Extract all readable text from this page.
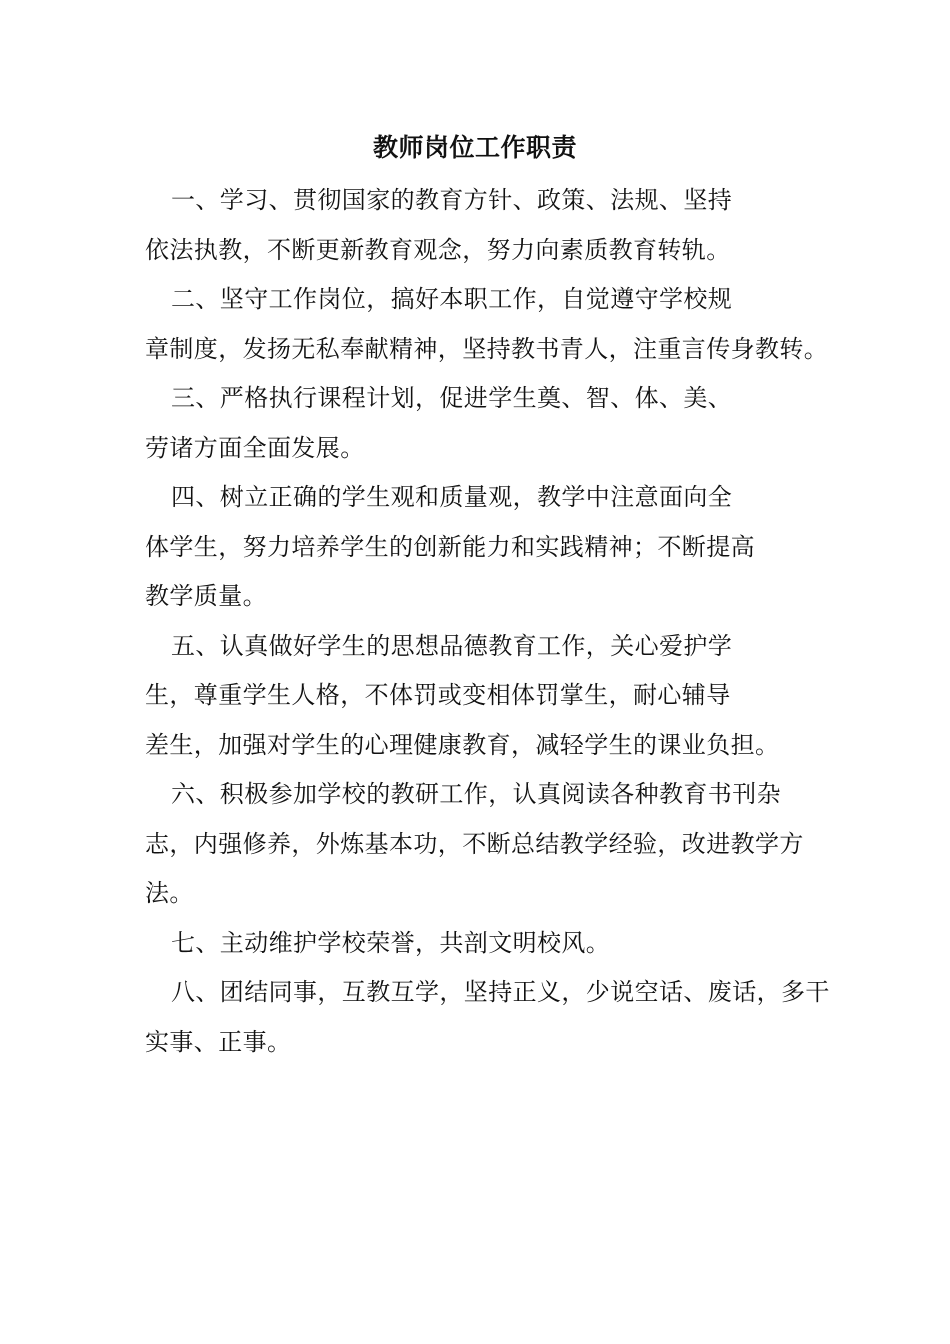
教师岗位工作职责
一、学习、贯彻国家的教育方针、政策、法规、坚持
依法执教，不断更新教育观念，努力向素质教育转轨。
二、坚守工作岗位，搞好本职工作，自觉遵守学校规
章制度，发扬无私奉献精神，坚持教书青人，注重言传身教转。
三、严格执行课程计划，促进学生奠、智、体、美、
劳诸方面全面发展。
四、树立正确的学生观和质量观，教学中注意面向全
体学生，努力培养学生的创新能力和实践精神；不断提高
教学质量。
五、认真做好学生的思想品德教育工作，关心爱护学
生，尊重学生人格，不体罚或变相体罚掌生，耐心辅导
差生，加强对学生的心理健康教育，减轻学生的课业负担。
六、积极参加学校的教研工作，认真阅读各种教育书刊杂
志，内强修养，外炼基本功，不断总结教学经验，改进教学方
法。
七、主动维护学校荣誉，共剖文明校风。
八、团结同事，互教互学，坚持正义，少说空话、废话，多干
实事、正事。
